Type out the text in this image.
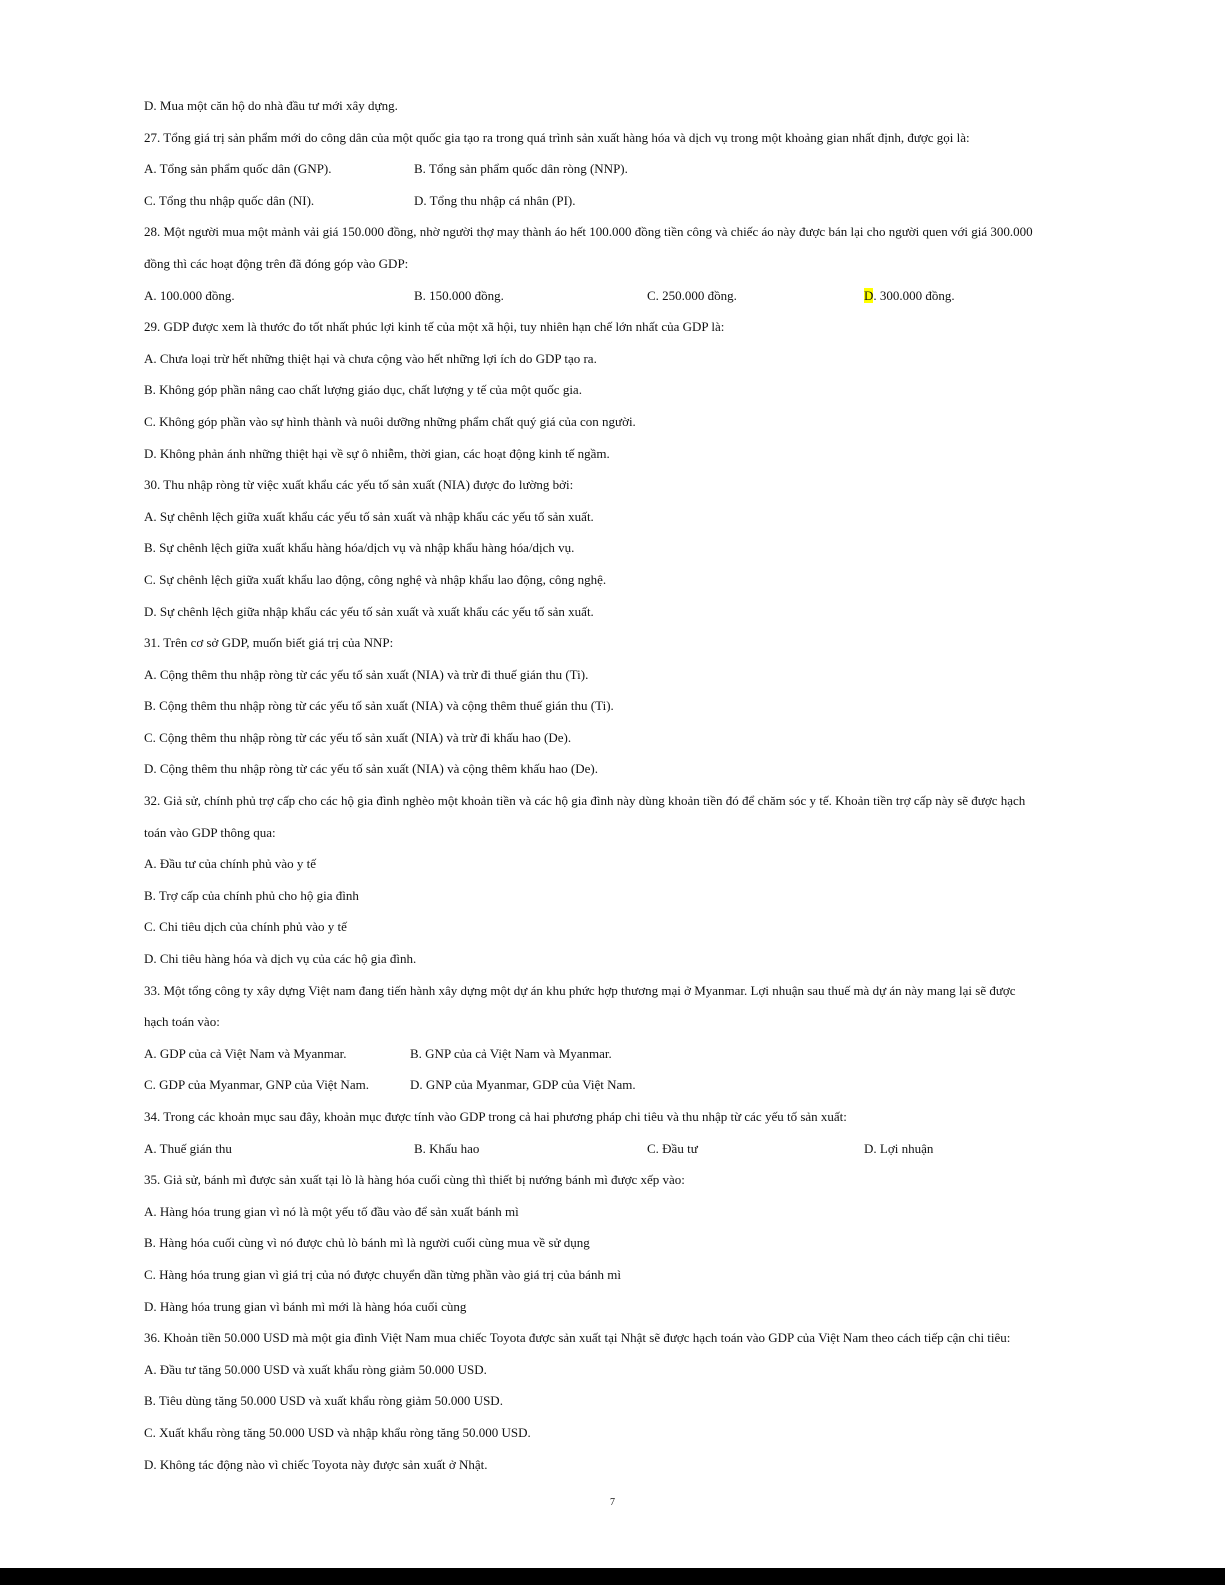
D. Mua một căn hộ do nhà đầu tư mới xây dựng.
27. Tổng giá trị sản phẩm mới do công dân của một quốc gia tạo ra trong quá trình sản xuất hàng hóa và dịch vụ trong một khoảng gian nhất định, được gọi là:
A. Tổng sản phẩm quốc dân (GNP).	B. Tổng sản phẩm quốc dân ròng (NNP).
C. Tổng thu nhập quốc dân (NI).	D. Tổng thu nhập cá nhân (PI).
28. Một người mua một mảnh vải giá 150.000 đồng, nhờ người thợ may thành áo hết 100.000 đồng tiền công và chiếc áo này được bán lại cho người quen với giá 300.000
đồng thì các hoạt động trên đã đóng góp vào GDP:
A. 100.000 đồng.	B. 150.000 đồng.	C. 250.000 đồng.	D. 300.000 đồng.
29. GDP được xem là thước đo tốt nhất phúc lợi kinh tế của một xã hội, tuy nhiên hạn chế lớn nhất của GDP là:
A. Chưa loại trừ hết những thiệt hại và chưa cộng vào hết những lợi ích do GDP tạo ra.
B. Không góp phần nâng cao chất lượng giáo dục, chất lượng y tế của một quốc gia.
C. Không góp phần vào sự hình thành và nuôi dưỡng những phẩm chất quý giá của con người.
D. Không phản ánh những thiệt hại về sự ô nhiễm, thời gian, các hoạt động kinh tế ngầm.
30. Thu nhập ròng từ việc xuất khẩu các yếu tố sản xuất (NIA) được đo lường bởi:
A. Sự chênh lệch giữa xuất khẩu các yếu tố sản xuất và nhập khẩu các yếu tố sản xuất.
B. Sự chênh lệch giữa xuất khẩu hàng hóa/dịch vụ và nhập khẩu hàng hóa/dịch vụ.
C. Sự chênh lệch giữa xuất khẩu lao động, công nghệ và nhập khẩu lao động, công nghệ.
D. Sự chênh lệch giữa nhập khẩu các yếu tố sản xuất và xuất khẩu các yếu tố sản xuất.
31. Trên cơ sở GDP, muốn biết giá trị của NNP:
A. Cộng thêm thu nhập ròng từ các yếu tố sản xuất (NIA) và trừ đi thuế gián thu (Ti).
B. Cộng thêm thu nhập ròng từ các yếu tố sản xuất (NIA) và cộng thêm thuế gián thu (Ti).
C. Cộng thêm thu nhập ròng từ các yếu tố sản xuất (NIA) và trừ đi khấu hao (De).
D. Cộng thêm thu nhập ròng từ các yếu tố sản xuất (NIA) và cộng thêm khấu hao (De).
32. Giả sử, chính phủ trợ cấp cho các hộ gia đình nghèo một khoản tiền và các hộ gia đình này dùng khoản tiền đó để chăm sóc y tế. Khoản tiền trợ cấp này sẽ được hạch
toán vào GDP thông qua:
A. Đầu tư của chính phủ vào y tế
B. Trợ cấp của chính phủ cho hộ gia đình
C. Chi tiêu dịch của chính phủ vào y tế
D. Chi tiêu hàng hóa và dịch vụ của các hộ gia đình.
33. Một tổng công ty xây dựng Việt nam đang tiến hành xây dựng một dự án khu phức hợp thương mại ở Myanmar. Lợi nhuận sau thuế mà dự án này mang lại sẽ được
hạch toán vào:
A. GDP của cả Việt Nam và Myanmar.	B. GNP của cả Việt Nam và Myanmar.
C. GDP của Myanmar, GNP của Việt Nam.	D. GNP của Myanmar, GDP của Việt Nam.
34. Trong các khoản mục sau đây, khoản mục được tính vào GDP trong cả hai phương pháp chi tiêu và thu nhập từ các yếu tố sản xuất:
A. Thuế gián thu	B. Khấu hao	C. Đầu tư	D. Lợi nhuận
35. Giả sử, bánh mì được sản xuất tại lò là hàng hóa cuối cùng thì thiết bị nướng bánh mì được xếp vào:
A. Hàng hóa trung gian vì nó là một yếu tố đầu vào để sản xuất bánh mì
B. Hàng hóa cuối cùng vì nó được chủ lò bánh mì là người cuối cùng mua về sử dụng
C. Hàng hóa trung gian vì giá trị của nó được chuyển dần từng phần vào giá trị của bánh mì
D. Hàng hóa trung gian vì bánh mì mới là hàng hóa cuối cùng
36. Khoản tiền 50.000 USD mà một gia đình Việt Nam mua chiếc Toyota được sản xuất tại Nhật sẽ được hạch toán vào GDP của Việt Nam theo cách tiếp cận chi tiêu:
A. Đầu tư tăng 50.000 USD và xuất khẩu ròng giảm 50.000 USD.
B. Tiêu dùng tăng 50.000 USD và xuất khẩu ròng giảm 50.000 USD.
C. Xuất khẩu ròng tăng 50.000 USD và nhập khẩu ròng tăng 50.000 USD.
D. Không tác động nào vì chiếc Toyota này được sản xuất ở Nhật.
7
